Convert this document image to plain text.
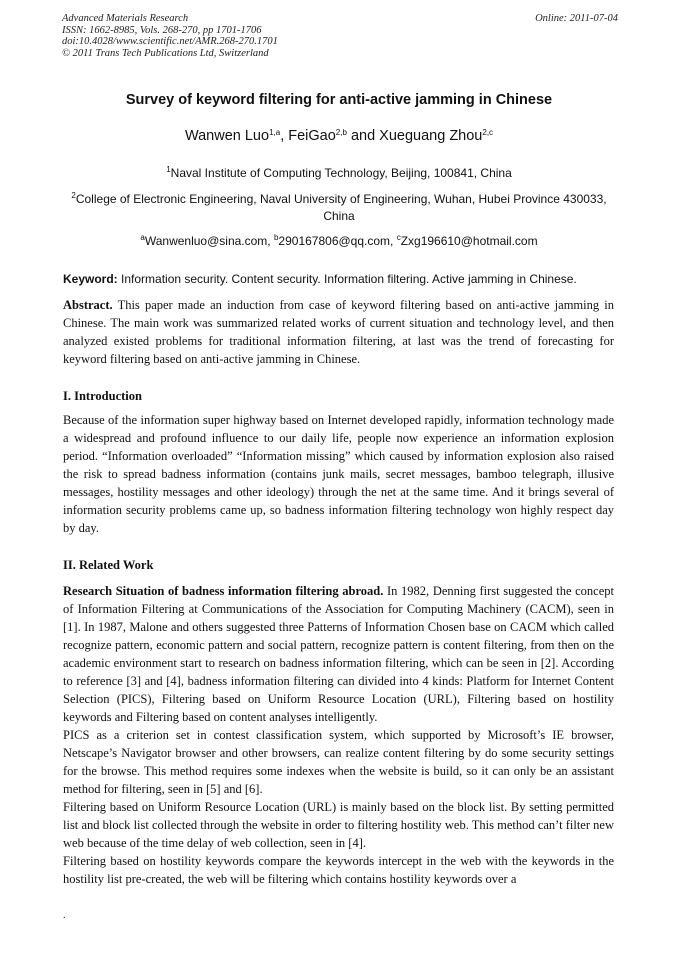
Advanced Materials Research
ISSN: 1662-8985, Vols. 268-270, pp 1701-1706
doi:10.4028/www.scientific.net/AMR.268-270.1701
© 2011 Trans Tech Publications Ltd, Switzerland
Online: 2011-07-04
Survey of keyword filtering for anti-active jamming in Chinese
Wanwen Luo$^{1,a}$, FeiGao$^{2,b}$ and Xueguang Zhou$^{2,c}$
$^1$Naval Institute of Computing Technology, Beijing, 100841, China
$^2$College of Electronic Engineering, Naval University of Engineering, Wuhan, Hubei Province 430033, China
$^a$Wanwenluo@sina.com, $^b$290167806@qq.com, $^c$Zxg196610@hotmail.com
Keyword: Information security. Content security. Information filtering. Active jamming in Chinese.

Abstract. This paper made an induction from case of keyword filtering based on anti-active jamming in Chinese. The main work was summarized related works of current situation and technology level, and then analyzed existed problems for traditional information filtering, at last was the trend of forecasting for keyword filtering based on anti-active jamming in Chinese.

I. Introduction

Because of the information super highway based on Internet developed rapidly, information technology made a widespread and profound influence to our daily life, people now experience an information explosion period. “Information overloaded” “Information missing” which caused by information explosion also raised the risk to spread badness information (contains junk mails, secret messages, bamboo telegraph, illusive messages, hostility messages and other ideology) through the net at the same time. And it brings several of information security problems came up, so badness information filtering technology won highly respect day by day.

II. Related Work

Research Situation of badness information filtering abroad. In 1982, Denning first suggested the concept of Information Filtering at Communications of the Association for Computing Machinery (CACM), seen in [1]. In 1987, Malone and others suggested three Patterns of Information Chosen base on CACM which called recognize pattern, economic pattern and social pattern, recognize pattern is content filtering, from then on the academic environment start to research on badness information filtering, which can be seen in [2]. According to reference [3] and [4], badness information filtering can divided into 4 kinds: Platform for Internet Content Selection (PICS), Filtering based on Uniform Resource Location (URL), Filtering based on hostility keywords and Filtering based on content analyses intelligently.

PICS as a criterion set in contest classification system, which supported by Microsoft’s IE browser, Netscape’s Navigator browser and other browsers, can realize content filtering by do some security settings for the browse. This method requires some indexes when the website is build, so it can only be an assistant method for filtering, seen in [5] and [6].

Filtering based on Uniform Resource Location (URL) is mainly based on the block list. By setting permitted list and block list collected through the website in order to filtering hostility web. This method can’t filter new web because of the time delay of web collection, seen in [4].

Filtering based on hostility keywords compare the keywords intercept in the web with the keywords in the hostility list pre-created, the web will be filtering which contains hostility keywords over a

.
